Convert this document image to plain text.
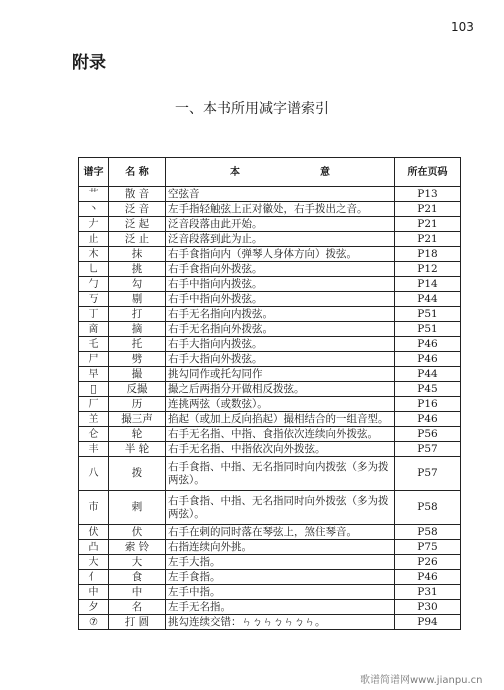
103
附录
一、本书所用减字谱索引
谱字	名 称	本　　　　　　　　意	所在页码
艹	散 音	空弦音	P13
丶	泛 音	左手指轻触弦上正对徽处，右手拨出之音。	P21
𠂇	泛 起	泛音段落由此开始。	P21
止	泛 止	泛音段落到此为止。	P21
木	抹	右手食指向内（弹琴人身体方向）拨弦。	P18
乚	挑	右手食指向外拨弦。	P12
勹	勾	右手中指向内拨弦。	P14
丂	剔	右手中指向外拨弦。	P44
丁	打	右手无名指向内拨弦。	P51
啇	摘	右手无名指向外拨弦。	P51
乇	托	右手大指向内拨弦。	P46
尸	劈	右手大指向外拨弦。	P46
早	撮	挑勾同作或托勾同作	P44
𠀉	反撮	撮之后两指分开做相反拨弦。	P45
厂	历	连挑两弦（或数弦）。	P16
𦍌	撮三声	掐起（或加上反向掐起）撮相结合的一组音型。	P46
仑	轮	右手无名指、中指、食指依次连续向外拨弦。	P56
丰	半 轮	右手无名指、中指依次向外拨弦。	P57
八	拨	右手食指、中指、无名指同时向内拨弦（多为拨两弦）。	P57
巿	剌	右手食指、中指、无名指同时向外拨弦（多为拨两弦）。	P58
伏	伏	右手在剌的同时落在琴弦上，煞住琴音。	P58
凸	索 铃	右指连续向外挑。	P75
大	大	左手大指。	P26
亻	食	左手食指。	P46
中	中	左手中指。	P31
夕	名	左手无名指。	P30
⑦	打 圆	挑勾连续交错：ㄣㄅㄣㄅㄣㄅㄣ。	P94
歌谱简谱网www.jianpu.cn
